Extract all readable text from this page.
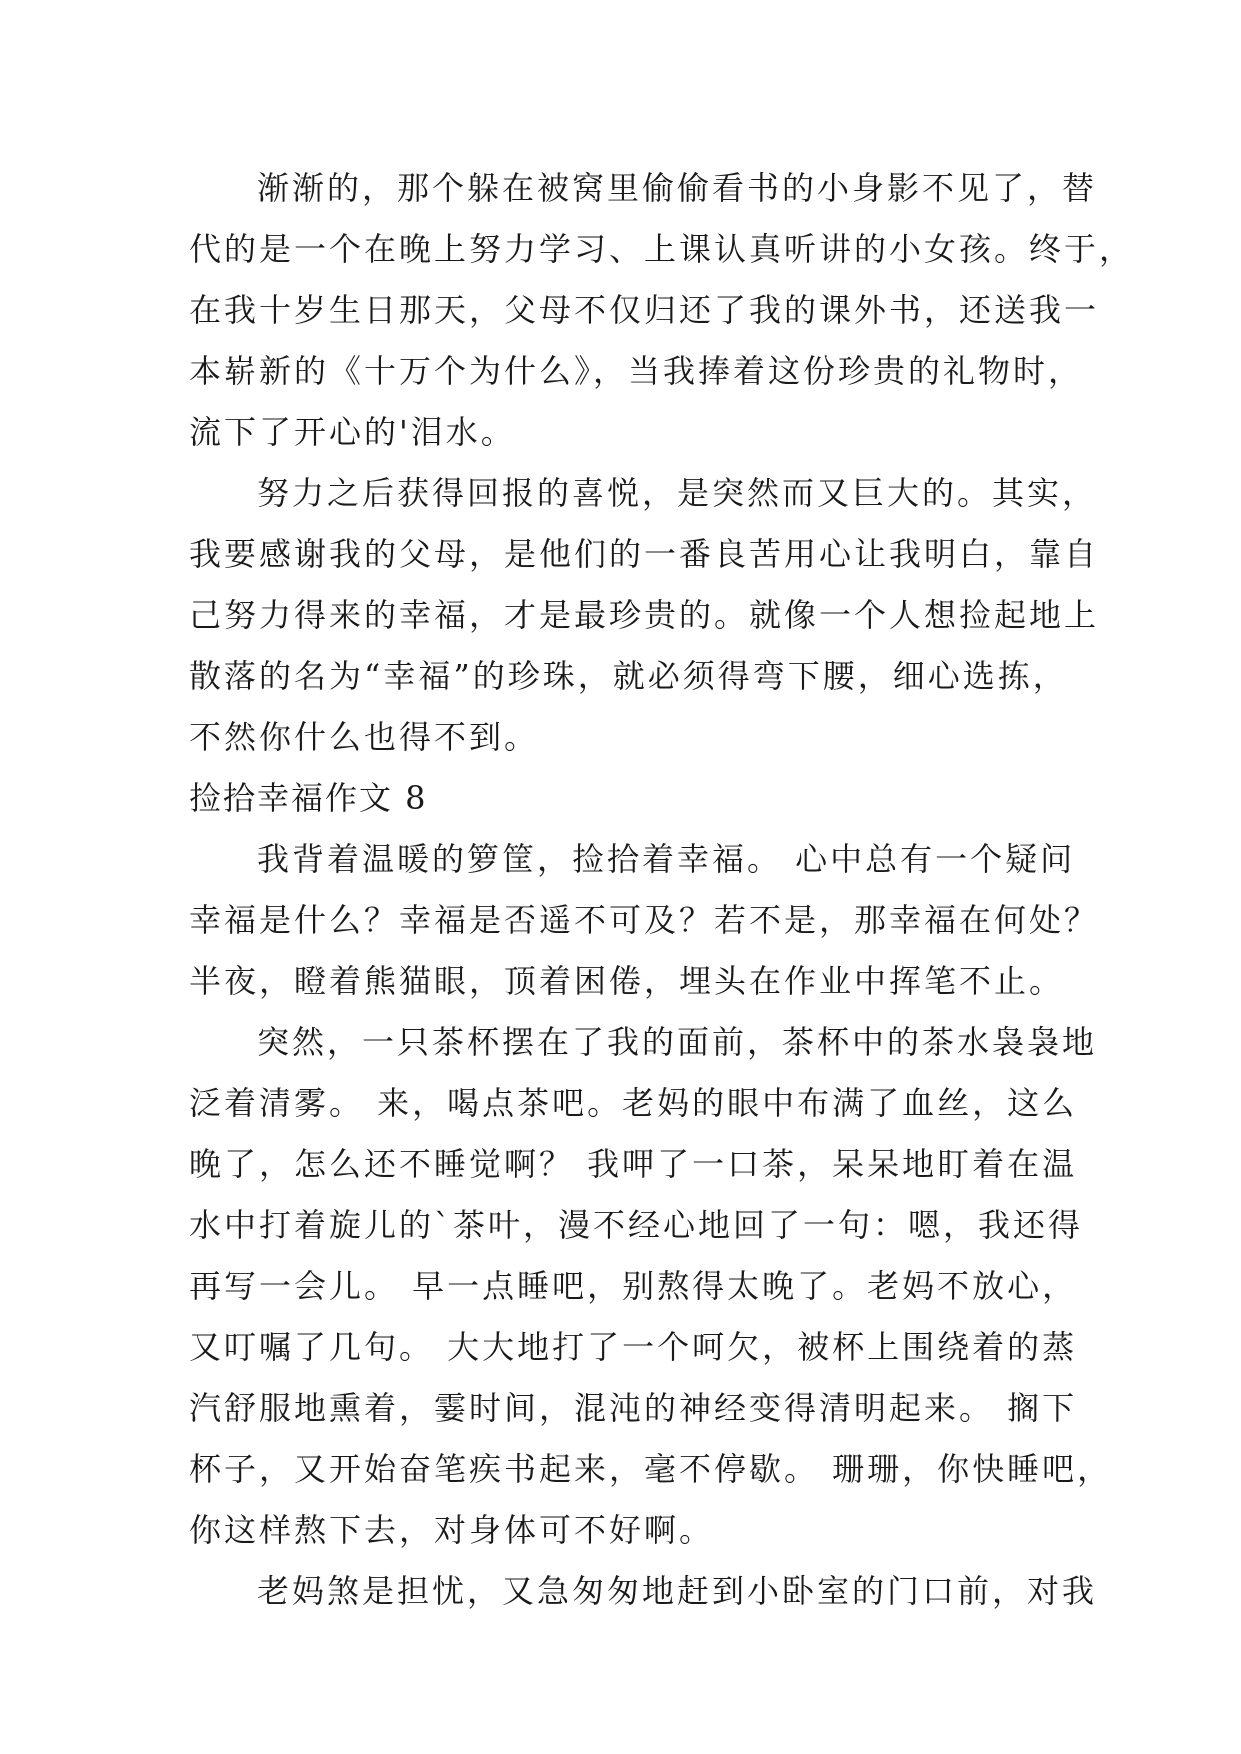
渐渐的，那个躲在被窝里偷偷看书的小身影不见了，替
代的是一个在晚上努力学习、上课认真听讲的小女孩。终于，
在我十岁生日那天，父母不仅归还了我的课外书，还送我一
本崭新的《十万个为什么》，当我捧着这份珍贵的礼物时，
流下了开心的'泪水。
努力之后获得回报的喜悦，是突然而又巨大的。其实，
我要感谢我的父母，是他们的一番良苦用心让我明白，靠自
己努力得来的幸福，才是最珍贵的。就像一个人想捡起地上
散落的名为“幸福”的珍珠，就必须得弯下腰，细心选拣，
不然你什么也得不到。
捡拾幸福作文 8
我背着温暖的箩筐，捡拾着幸福。 心中总有一个疑问
幸福是什么？幸福是否遥不可及？若不是，那幸福在何处？
半夜，瞪着熊猫眼，顶着困倦，埋头在作业中挥笔不止。
突然，一只茶杯摆在了我的面前，茶杯中的茶水袅袅地
泛着清雾。 来，喝点茶吧。老妈的眼中布满了血丝，这么
晚了，怎么还不睡觉啊？ 我呷了一口茶，呆呆地盯着在温
水中打着旋儿的`茶叶，漫不经心地回了一句：嗯，我还得
再写一会儿。 早一点睡吧，别熬得太晚了。老妈不放心，
又叮嘱了几句。 大大地打了一个呵欠，被杯上围绕着的蒸
汽舒服地熏着，霎时间，混沌的神经变得清明起来。 搁下
杯子，又开始奋笔疾书起来，毫不停歇。 珊珊，你快睡吧，
你这样熬下去，对身体可不好啊。
老妈煞是担忧，又急匆匆地赶到小卧室的门口前，对我
